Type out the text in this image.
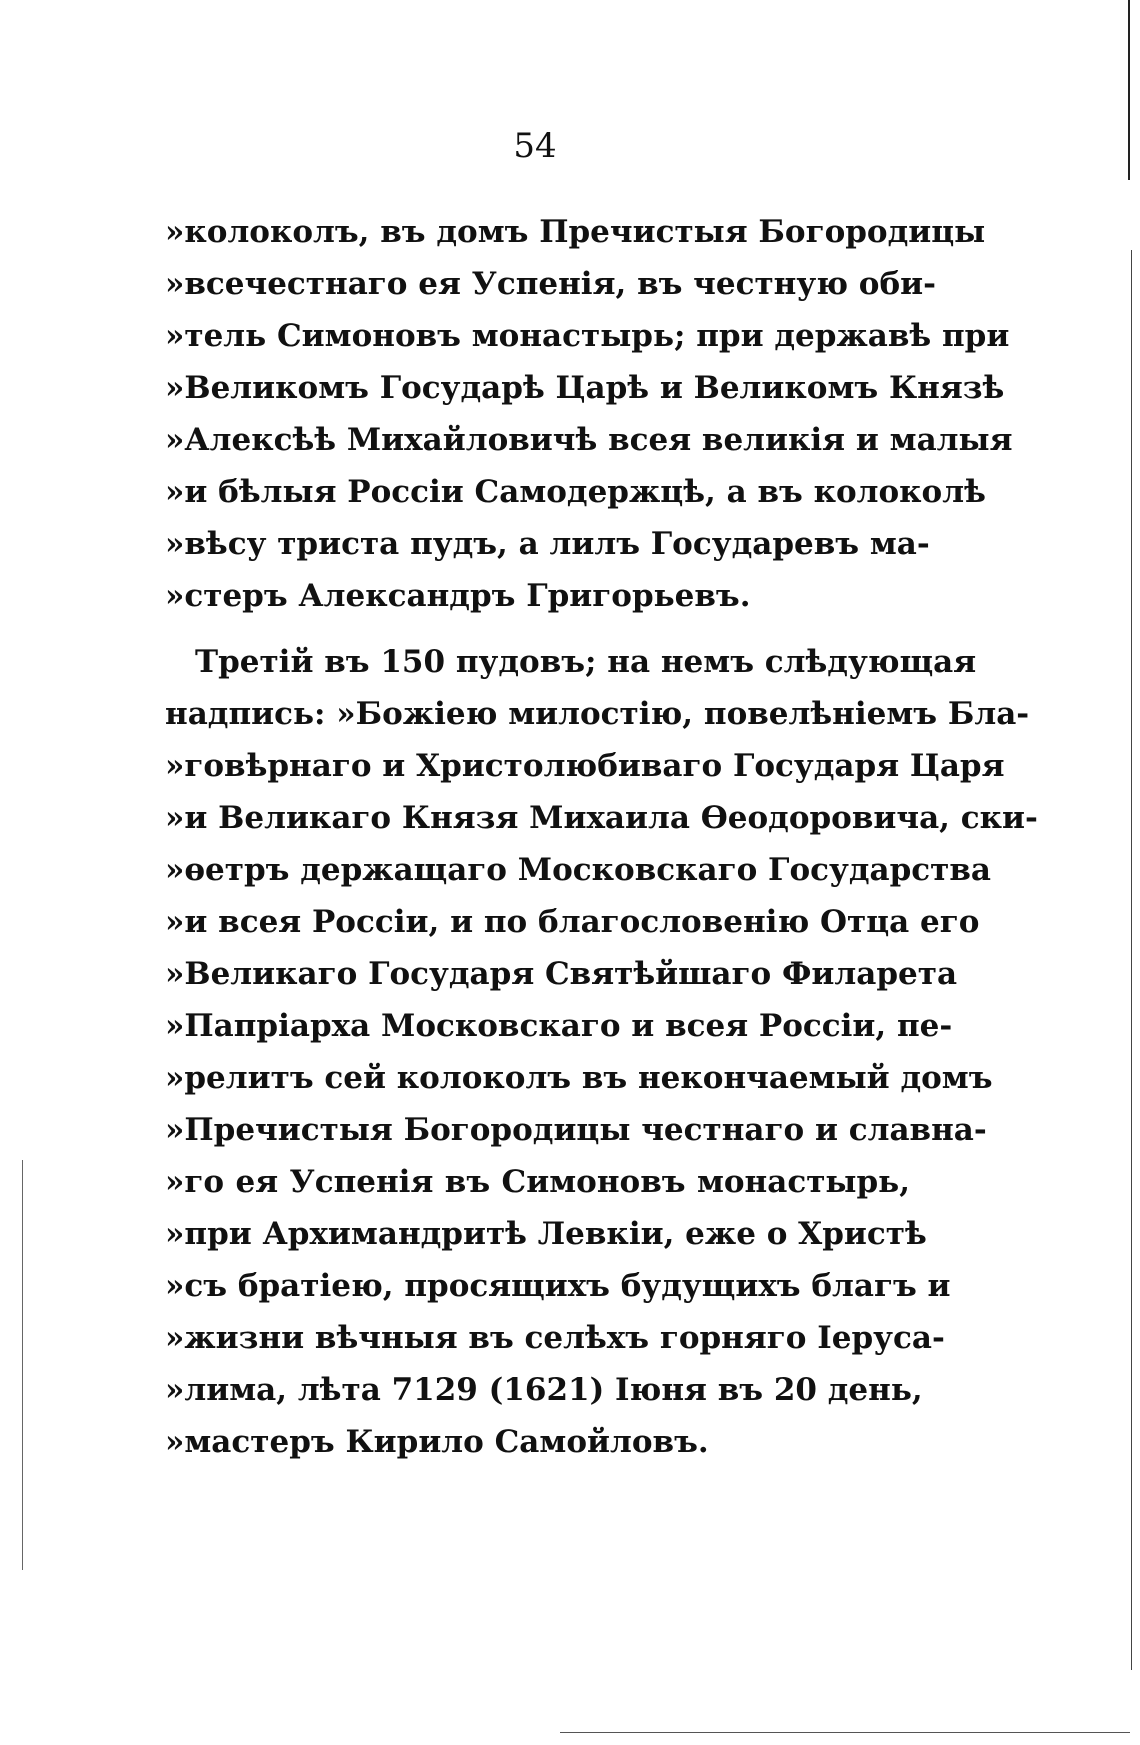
54
»колоколъ, въ домъ Пречистыя Богородицы
»всечестнаго ея Успенія, въ честную оби-
»тель Симоновъ монастырь; при державѣ при
»Великомъ Государѣ Царѣ и Великомъ Князѣ
»Алексѣѣ Михайловичѣ всея великія и малыя
»и бѣлыя Россіи Самодержцѣ, а въ колоколѣ
»вѣсу триста пудъ, а лилъ Государевъ ма-
»стеръ Александръ Григорьевъ.
Третій въ 150 пудовъ; на немъ слѣдующая
надпись: »Божіею милостію, повелѣніемъ Бла-
»говѣрнаго и Христолюбиваго Государя Царя
»и Великаго Князя Михаила Өеодоровича, ски-
»өетръ держащаго Московскаго Государства
»и всея Россіи, и по благословенію Отца его
»Великаго Государя Святѣйшаго Филарета
»Папріарха Московскаго и всея Россіи, пе-
»релитъ сей колоколъ въ некончаемый домъ
»Пречистыя Богородицы честнаго и славна-
»го ея Успенія въ Симоновъ монастырь,
»при Архимандритѣ Левкіи, еже о Христѣ
»съ братіею, просящихъ будущихъ благъ и
»жизни вѣчныя въ селѣхъ горняго Іеруса-
»лима, лѣта 7129 (1621) Іюня въ 20 день,
»мастеръ Кирило Самойловъ.
